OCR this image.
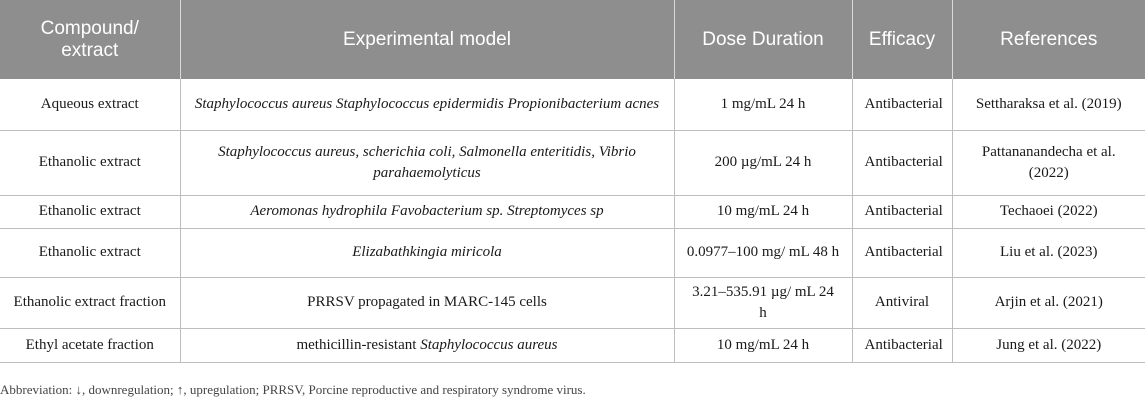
Compound/ extract	Experimental model	Dose Duration	Efficacy	References
Aqueous extract	Staphylococcus aureus Staphylococcus epidermidis Propionibacterium acnes	1 mg/mL 24 h	Antibacterial	Settharaksa et al. (2019)
Ethanolic extract	Staphylococcus aureus, scherichia coli, Salmonella enteritidis, Vibrio parahaemolyticus	200 µg/mL 24 h	Antibacterial	Pattananandecha et al. (2022)
Ethanolic extract	Aeromonas hydrophila Favobacterium sp. Streptomyces sp	10 mg/mL 24 h	Antibacterial	Techaoei (2022)
Ethanolic extract	Elizabathkingia miricola	0.0977–100 mg/ mL 48 h	Antibacterial	Liu et al. (2023)
Ethanolic extract fraction	PRRSV propagated in MARC-145 cells	3.21–535.91 µg/ mL 24 h	Antiviral	Arjin et al. (2021)
Ethyl acetate fraction	methicillin-resistant Staphylococcus aureus	10 mg/mL 24 h	Antibacterial	Jung et al. (2022)

Abbreviation: ↓, downregulation; ↑, upregulation; PRRSV, Porcine reproductive and respiratory syndrome virus.
